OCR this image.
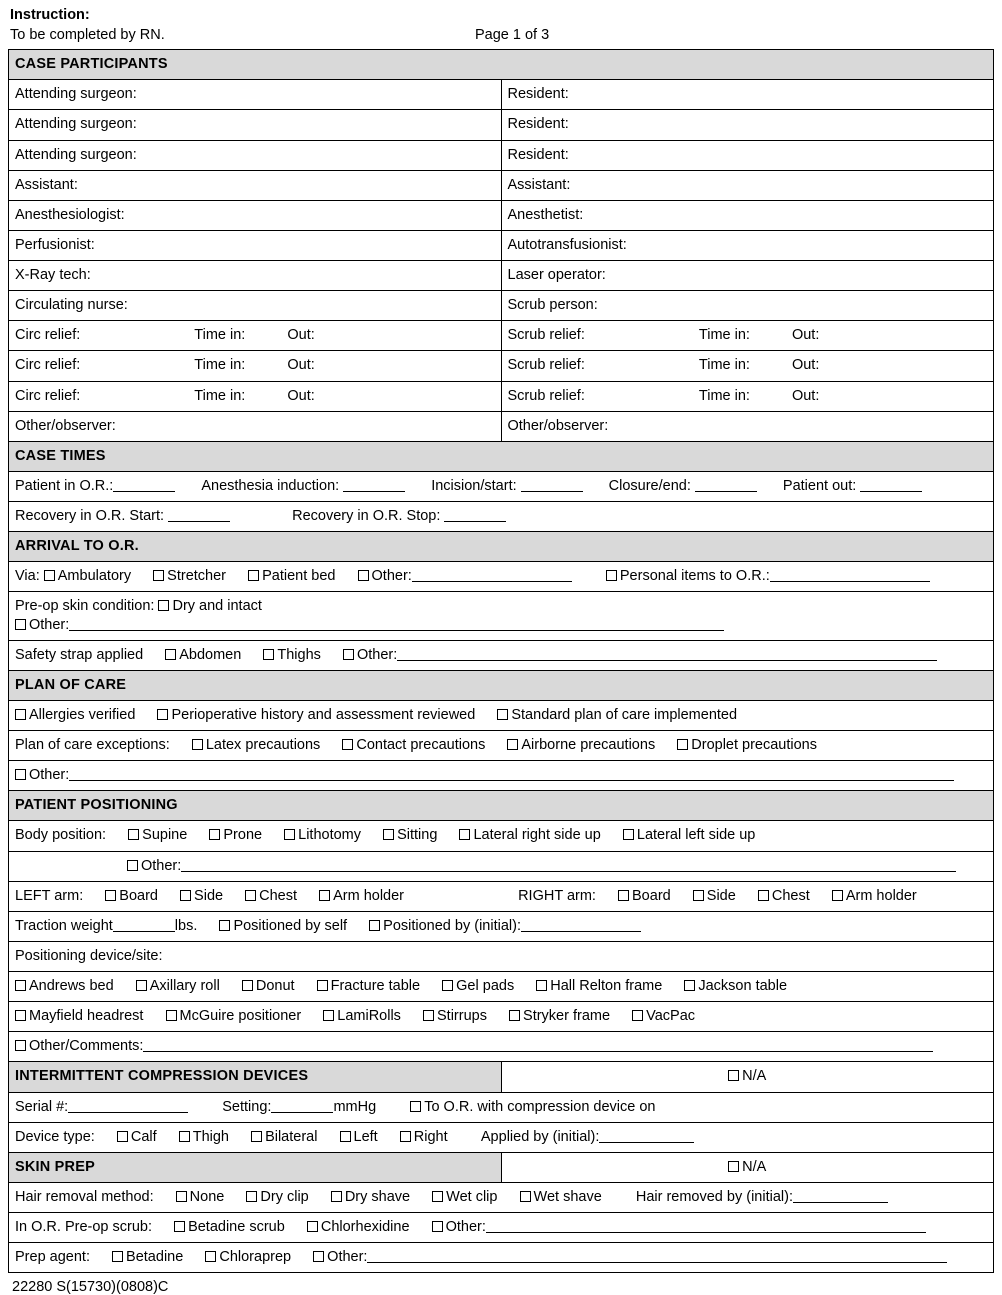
Instruction:
To be completed by RN.	Page 1 of 3
CASE PARTICIPANTS	
Attending surgeon:	Resident:
Attending surgeon:	Resident:
Attending surgeon:	Resident:
Assistant:	Assistant:
Anesthesiologist:	Anesthetist:
Perfusionist:	Autotransfusionist:
X-Ray tech:	Laser operator:
Circulating nurse:	Scrub person:
Circ relief: Time in: Out:	Scrub relief: Time in: Out:
Circ relief: Time in: Out:	Scrub relief: Time in: Out:
Circ relief: Time in: Out:	Scrub relief: Time in: Out:
Other/observer:	Other/observer:
CASE TIMES	
Patient in O.R.: Anesthesia induction: Incision/start: Closure/end: Patient out:	
Recovery in O.R. Start: Recovery in O.R. Stop:	
ARRIVAL TO O.R.	
Via: Ambulatory Stretcher Patient bed Other: Personal items to O.R.:	
Pre-op skin condition: Dry and intact  Other:	
Safety strap applied Abdomen Thighs Other:	
PLAN OF CARE	
Allergies verified Perioperative history and assessment reviewed Standard plan of care implemented	
Plan of care exceptions: Latex precautions Contact precautions Airborne precautions Droplet precautions	
Other:	
PATIENT POSITIONING	
Body position: Supine Prone Lithotomy Sitting Lateral right side up Lateral left side up	
Other:	
LEFT arm: Board Side Chest Arm holder RIGHT arm: Board Side Chest Arm holder	
Traction weight lbs. Positioned by self Positioned by (initial):	
Positioning device/site:	
Andrews bed Axillary roll Donut Fracture table Gel pads Hall Relton frame Jackson table	
Mayfield headrest McGuire positioner LamiRolls Stirrups Stryker frame VacPac	
Other/Comments:	
INTERMITTENT COMPRESSION DEVICES	N/A
Serial #: Setting: mmHg To O.R. with compression device on	
Device type: Calf Thigh Bilateral Left Right Applied by (initial):	
SKIN PREP	N/A
Hair removal method: None Dry clip Dry shave Wet clip Wet shave Hair removed by (initial):	
In O.R. Pre-op scrub: Betadine scrub Chlorhexidine Other:	
Prep agent: Betadine Chloraprep Other:	
22280 S(15730)(0808)C
